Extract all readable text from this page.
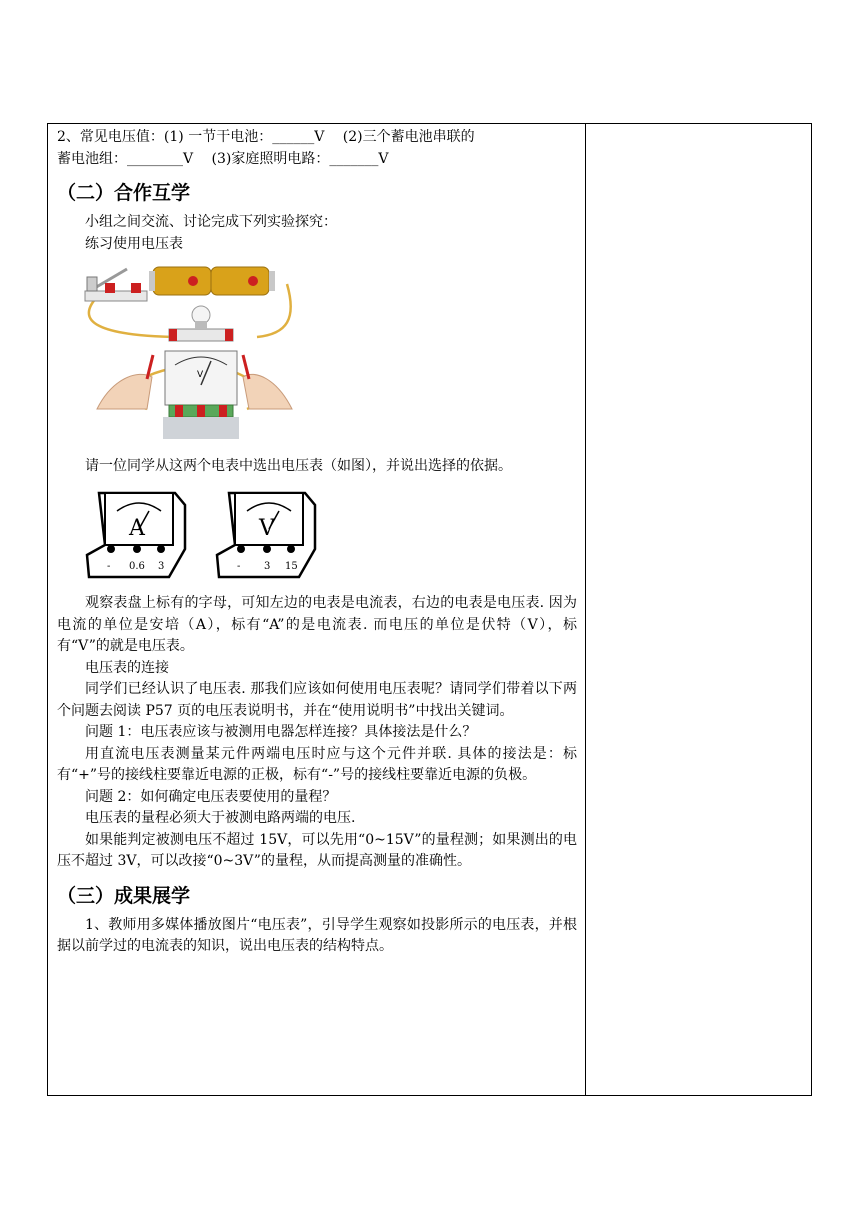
2、常见电压值：(1) 一节干电池：______V　 (2)三个蓄电池串联的

蓄电池组：________V　 (3)家庭照明电路：_______V

（二）合作互学

小组之间交流、讨论完成下列实验探究：

练习使用电压表

V

请一位同学从这两个电表中选出电压表（如图），并说出选择的依据。

A
- 0.6 3
V
- 3 15

观察表盘上标有的字母，可知左边的电表是电流表，右边的电表是电压表. 因为电流的单位是安培（A），标有“A”的是电流表. 而电压的单位是伏特（V），标有“V”的就是电压表。

电压表的连接

同学们已经认识了电压表. 那我们应该如何使用电压表呢？请同学们带着以下两个问题去阅读 P57 页的电压表说明书，并在“使用说明书”中找出关键词。

问题 1：电压表应该与被测用电器怎样连接？具体接法是什么？

用直流电压表测量某元件两端电压时应与这个元件并联. 具体的接法是：标有“+”号的接线柱要靠近电源的正极，标有“-”号的接线柱要靠近电源的负极。

问题 2：如何确定电压表要使用的量程？

电压表的量程必须大于被测电路两端的电压.

如果能判定被测电压不超过 15V，可以先用“0~15V”的量程测；如果测出的电压不超过 3V，可以改接“0~3V”的量程，从而提高测量的准确性。

（三）成果展学

1、教师用多媒体播放图片“电压表”，引导学生观察如投影所示的电压表，并根据以前学过的电流表的知识，说出电压表的结构特点。
